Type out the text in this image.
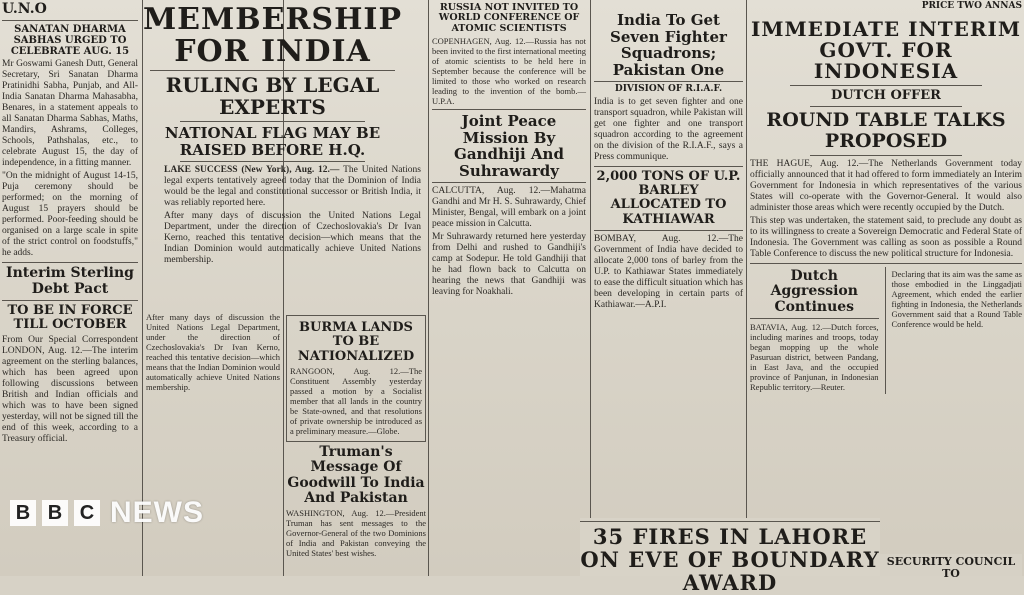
U.N.O
SANATAN DHARMA SABHAS URGED TO CELEBRATE AUG. 15

Mr Goswami Ganesh Dutt, General Secretary, Sri Sanatan Dharma Pratinidhi Sabha, Punjab, and All-India Sanatan Dharma Mahasabha, Benares, in a statement appeals to all Sanatan Dharma Sabhas, Maths, Mandirs, Ashrams, Colleges, Schools, Pathshalas, etc., to celebrate August 15, the day of independence, in a fitting manner.

"On the midnight of August 14-15, Puja ceremony should be performed; on the morning of August 15 prayers should be performed. Poor-feeding should be organised on a large scale in spite of the strict control on foodstuffs," he adds.

Interim Sterling Debt Pact
TO BE IN FORCE TILL OCTOBER

From Our Special Correspondent LONDON, Aug. 12.—The interim agreement on the sterling balances, which has been agreed upon following discussions between British and Indian officials and which was to have been signed yesterday, will not be signed till the end of this week, according to a Treasury official.

MEMBERSHIP FOR INDIA
RULING BY LEGAL EXPERTS
NATIONAL FLAG MAY BE RAISED BEFORE H.Q.

LAKE SUCCESS (New York), Aug. 12.— The United Nations legal experts tentatively agreed today that the Dominion of India would be the legal and constitutional successor or British India, it was reliably reported here.

After many days of discussion the United Nations Legal Department, under the direction of Czechoslovakia's Dr Ivan Kerno, reached this tentative decision—which means that the Indian Dominion would automatically achieve United Nations membership.

BURMA LANDS TO BE NATIONALIZED

RANGOON, Aug. 12.—The Constituent Assembly yesterday passed a motion by a Socialist member that all lands in the country be State-owned, and that resolutions of private ownership be introduced as a preliminary measure.—Globe.

Truman's Message Of Goodwill To India And Pakistan

WASHINGTON, Aug. 12.—President Truman has sent messages to the Governor-General of the two Dominions of India and Pakistan conveying the United States' best wishes.

After many days of discussion the United Nations Legal Department, under the direction of Czechoslovakia's Dr Ivan Kerno, reached this tentative decision—which means that the Indian Dominion would automatically achieve United Nations membership.

RUSSIA NOT INVITED TO WORLD CONFERENCE OF ATOMIC SCIENTISTS

COPENHAGEN, Aug. 12.—Russia has not been invited to the first international meeting of atomic scientists to be held here in September because the conference will be limited to those who worked on research leading to the invention of the bomb.—U.P.A.

Joint Peace Mission By Gandhiji And Suhrawardy

CALCUTTA, Aug. 12.—Mahatma Gandhi and Mr H. S. Suhrawardy, Chief Minister, Bengal, will embark on a joint peace mission in Calcutta.

Mr Suhrawardy returned here yesterday from Delhi and rushed to Gandhiji's camp at Sodepur. He told Gandhiji that he had flown back to Calcutta on hearing the news that Gandhiji was leaving for Noakhali.

India To Get Seven Fighter Squadrons; Pakistan One
DIVISION OF R.I.A.F.

India is to get seven fighter and one transport squadron, while Pakistan will get one fighter and one transport squadron according to the agreement on the division of the R.I.A.F., says a Press communique.

2,000 TONS OF U.P. BARLEY ALLOCATED TO KATHIAWAR

BOMBAY, Aug. 12.—The Government of India have decided to allocate 2,000 tons of barley from the U.P. to Kathiawar States immediately to ease the difficult situation which has been developing in certain parts of Kathiawar.—A.P.I.

35 FIRES IN LAHORE ON EVE OF BOUNDARY AWARD
PRICE TWO ANNAS
IMMEDIATE INTERIM GOVT. FOR INDONESIA
DUTCH OFFER
ROUND TABLE TALKS PROPOSED

THE HAGUE, Aug. 12.—The Netherlands Government today officially announced that it had offered to form immediately an Interim Government for Indonesia in which representatives of the various States will co-operate with the Governor-General. It would also administer those areas which were recently occupied by the Dutch.

This step was undertaken, the statement said, to preclude any doubt as to its willingness to create a Sovereign Democratic and Federal State of Indonesia. The Government was calling as soon as possible a Round Table Conference to discuss the new political structure for Indonesia.

Dutch Aggression Continues

BATAVIA, Aug. 12.—Dutch forces, including marines and troops, today began mopping up the whole Pasuruan district, between Pandang, in East Java, and the occupied province of Panjunan, in Indonesian Republic territory.—Reuter.

Declaring that its aim was the same as those embodied in the Linggadjati Agreement, which ended the earlier fighting in Indonesia, the Netherlands Government said that a Round Table Conference would be held.

SECURITY COUNCIL TO
B B C NEWS
